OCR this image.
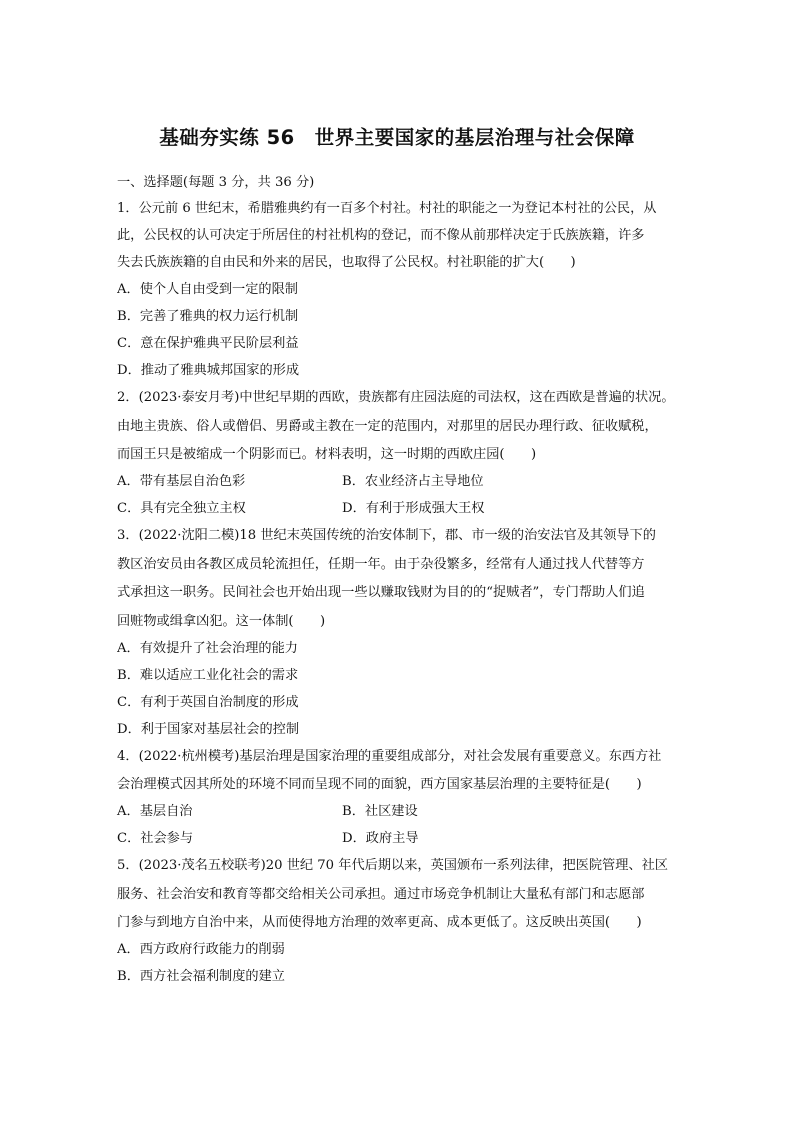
基础夯实练 56　世界主要国家的基层治理与社会保障
一、选择题(每题 3 分，共 36 分)
1．公元前 6 世纪末，希腊雅典约有一百多个村社。村社的职能之一为登记本村社的公民，从
此，公民权的认可决定于所居住的村社机构的登记，而不像从前那样决定于氏族族籍，许多
失去氏族族籍的自由民和外来的居民，也取得了公民权。村社职能的扩大(　　)
A．使个人自由受到一定的限制
B．完善了雅典的权力运行机制
C．意在保护雅典平民阶层利益
D．推动了雅典城邦国家的形成
2．(2023·泰安月考)中世纪早期的西欧，贵族都有庄园法庭的司法权，这在西欧是普遍的状况。
由地主贵族、俗人或僧侣、男爵或主教在一定的范围内，对那里的居民办理行政、征收赋税，
而国王只是被缩成一个阴影而已。材料表明，这一时期的西欧庄园(　　)
A．带有基层自治色彩	B．农业经济占主导地位
C．具有完全独立主权	D．有利于形成强大王权
3．(2022·沈阳二模)18 世纪末英国传统的治安体制下，郡、市一级的治安法官及其领导下的
教区治安员由各教区成员轮流担任，任期一年。由于杂役繁多，经常有人通过找人代替等方
式承担这一职务。民间社会也开始出现一些以赚取钱财为目的的“捉贼者”，专门帮助人们追
回赃物或缉拿凶犯。这一体制(　　)
A．有效提升了社会治理的能力
B．难以适应工业化社会的需求
C．有利于英国自治制度的形成
D．利于国家对基层社会的控制
4．(2022·杭州模考)基层治理是国家治理的重要组成部分，对社会发展有重要意义。东西方社
会治理模式因其所处的环境不同而呈现不同的面貌，西方国家基层治理的主要特征是(　　)
A．基层自治	B．社区建设
C．社会参与	D．政府主导
5．(2023·茂名五校联考)20 世纪 70 年代后期以来，英国颁布一系列法律，把医院管理、社区
服务、社会治安和教育等都交给相关公司承担。通过市场竞争机制让大量私有部门和志愿部
门参与到地方自治中来，从而使得地方治理的效率更高、成本更低了。这反映出英国(　　)
A．西方政府行政能力的削弱
B．西方社会福利制度的建立
